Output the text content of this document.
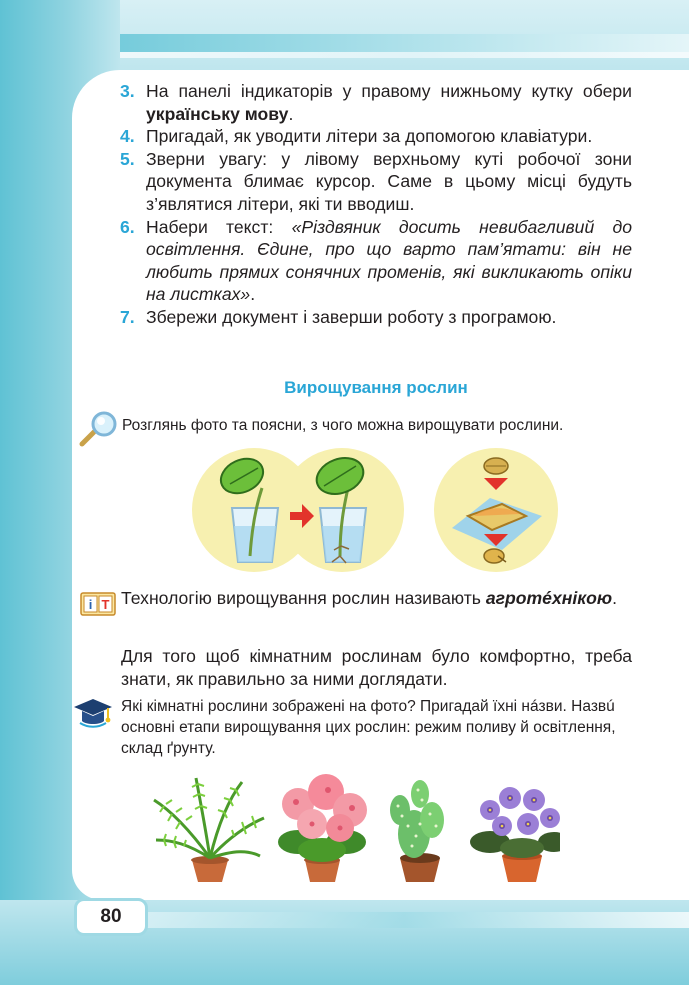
3. На панелі індикаторів у правому нижньому кутку обери українську мову.
4. Пригадай, як уводити літери за допомогою клавіатури.
5. Зверни увагу: у лівому верхньому куті робочої зони документа блимає курсор. Саме в цьому місці будуть з’являтися літери, які ти вводиш.
6. Набери текст: «Різдвяник досить невибагливий до освітлення. Єдине, про що варто пам’ятати: він не любить прямих сонячних променів, які викликають опіки на листках».
7. Збережи документ і заверши роботу з програмою.
Вирощування рослин
Розглянь фото та поясни, з чого можна вирощувати рослини.
i T Технологію вирощування рослин називають агротéхнікою.
Для того щоб кімнатним рослинам було комфортно, треба знати, як правильно за ними доглядати.
Які кімнатні рослини зображені на фото? Пригадай їхні нáзви. Назвú основні етапи вирощування цих рослин: режим поливу й освітлення, склад ґрунту.
80
